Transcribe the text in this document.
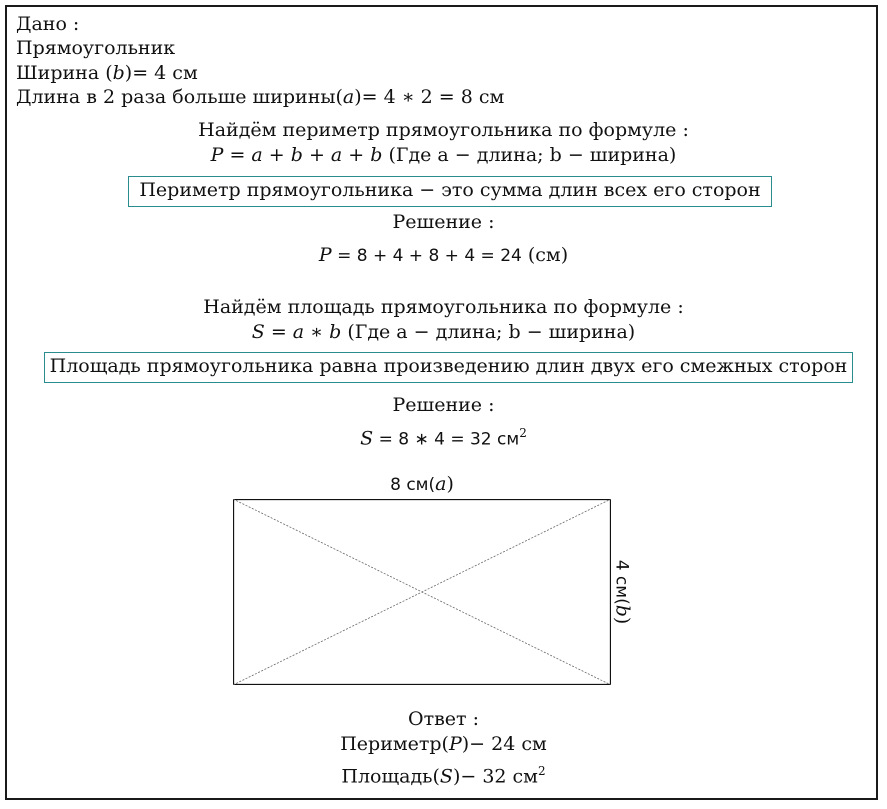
Дано :
Прямоугольник
Ширина (b)= 4 см
Длина в 2 раза больше ширины(a)= 4 ∗ 2 = 8 см
Найдём периметр прямоугольника по формуле :
P = a + b + a + b (Где a − длина; b − ширина)
Периметр прямоугольника − это сумма длин всех его сторон
Решение :
P = 8 + 4 + 8 + 4 = 24 (см)
Найдём площадь прямоугольника по формуле :
S = a ∗ b (Где a − длина; b − ширина)
Площадь прямоугольника равна произведению длин двух его смежных сторон
Решение :
S = 8 ∗ 4 = 32 $см^2$
8 см(a)
4 см(b)
Ответ :
Периметр(P)− 24 см
Площадь(S)− 32 $см^2$
